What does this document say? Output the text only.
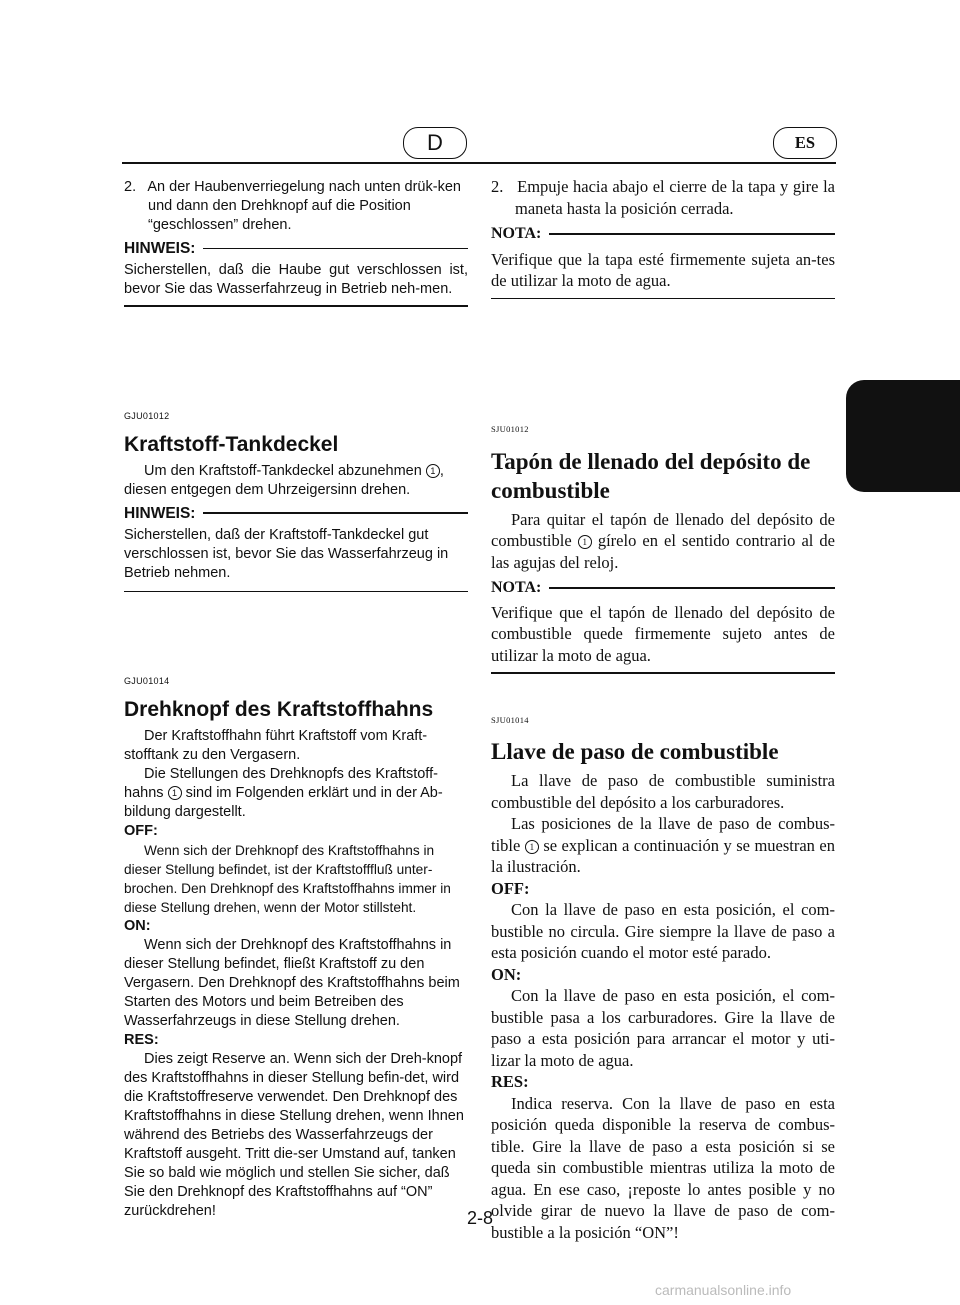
D	ES

2.   An der Haubenverriegelung nach unten drük-ken und dann den Drehknopf auf die Position “geschlossen” drehen.

HINWEIS:

Sicherstellen, daß die Haube gut verschlossen ist, bevor Sie das Wasserfahrzeug in Betrieb neh-men.

GJU01012

Kraftstoff-Tankdeckel

Um den Kraftstoff-Tankdeckel abzunehmen 1 , diesen entgegen dem Uhrzeigersinn drehen.

HINWEIS:

Sicherstellen, daß der Kraftstoff-Tankdeckel gut verschlossen ist, bevor Sie das Wasserfahrzeug in Betrieb nehmen.

GJU01014

Drehknopf des Kraftstoffhahns

Der Kraftstoffhahn führt Kraftstoff vom Kraft-stofftank zu den Vergasern.

Die Stellungen des Drehknopfs des Kraftstoff-hahns 1 sind im Folgenden erklärt und in der Ab-bildung dargestellt.

OFF:

Wenn sich der Drehknopf des Kraftstoffhahns in dieser Stellung befindet, ist der Kraftstofffluß unter-brochen. Den Drehknopf des Kraftstoffhahns immer in diese Stellung drehen, wenn der Motor stillsteht.

ON:

Wenn sich der Drehknopf des Kraftstoffhahns in dieser Stellung befindet, fließt Kraftstoff zu den Vergasern. Den Drehknopf des Kraftstoffhahns beim Starten des Motors und beim Betreiben des Wasserfahrzeugs in diese Stellung drehen.

RES:

Dies zeigt Reserve an. Wenn sich der Dreh-knopf des Kraftstoffhahns in dieser Stellung befin-det, wird die Kraftstoffreserve verwendet. Den Drehknopf des Kraftstoffhahns in diese Stellung drehen, wenn Ihnen während des Betriebs des Wasserfahrzeugs der Kraftstoff ausgeht. Tritt die-ser Umstand auf, tanken Sie so bald wie möglich und stellen Sie sicher, daß Sie den Drehknopf des Kraftstoffhahns auf “ON” zurückdrehen!

2.   Empuje hacia abajo el cierre de la tapa y gire la maneta hasta la posición cerrada.

NOTA:

Verifique que la tapa esté firmemente sujeta an-tes de utilizar la moto de agua.

SJU01012

Tapón de llenado del depósito de combustible

Para quitar el tapón de llenado del depósito de combustible 1 gírelo en el sentido contrario al de las agujas del reloj.

NOTA:

Verifique que el tapón de llenado del depósito de combustible quede firmemente sujeto antes de utilizar la moto de agua.

SJU01014

Llave de paso de combustible

La llave de paso de combustible suministra combustible del depósito a los carburadores.

Las posiciones de la llave de paso de combus-tible 1 se explican a continuación y se muestran en la ilustración.

OFF:

Con la llave de paso en esta posición, el com-bustible no circula. Gire siempre la llave de paso a esta posición cuando el motor esté parado.

ON:

Con la llave de paso en esta posición, el com-bustible pasa a los carburadores. Gire la llave de paso a esta posición para arrancar el motor y uti-lizar la moto de agua.

RES:

Indica reserva. Con la llave de paso en esta posición queda disponible la reserva de combus-tible. Gire la llave de paso a esta posición si se queda sin combustible mientras utiliza la moto de agua. En ese caso, ¡reposte lo antes posible y no olvide girar de nuevo la llave de paso de com-bustible a la posición “ON”!

2-8
carmanualsonline.info
